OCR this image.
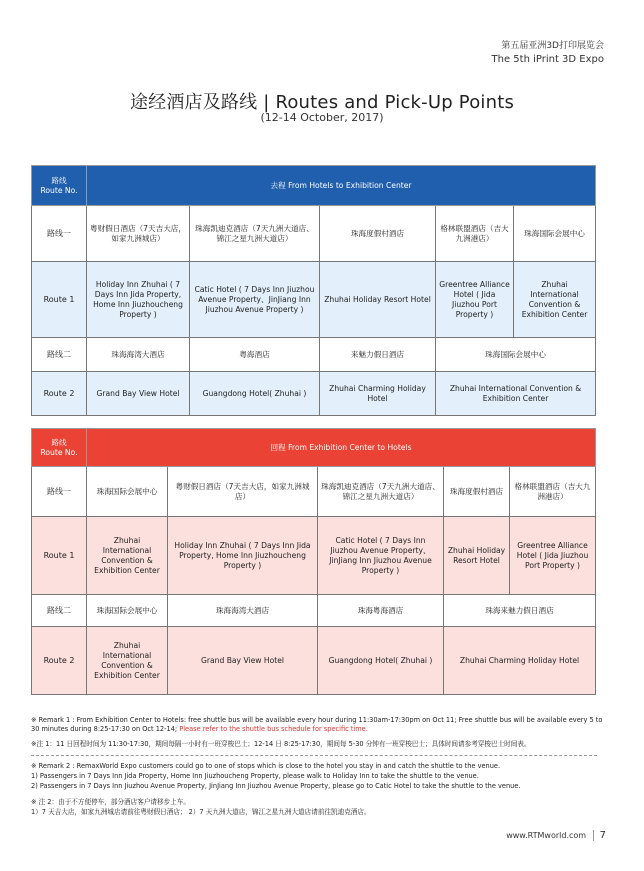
第五届亚洲3D打印展览会
The 5th iPrint 3D Expo
途经酒店及路线 | Routes and Pick-Up Points
(12-14 October, 2017)
路线
Route No.	去程 From Hotels to Exhibition Center				
路线一	粤财假日酒店（7天吉大店，如家九洲城店）	珠海凯迪克酒店（7天九洲大道店、锦江之星九洲大道店）	珠海度假村酒店	格林联盟酒店（吉大九洲港店）	珠海国际会展中心
Route 1	Holiday Inn Zhuhai ( 7 Days Inn Jida Property, Home Inn Jiuzhoucheng Property )	Catic Hotel ( 7 Days Inn Jiuzhou Avenue Property、JinJiang Inn Jiuzhou Avenue Property )	Zhuhai Holiday Resort Hotel	Greentree Alliance Hotel ( Jida Jiuzhou Port Property )	Zhuhai International Convention & Exhibition Center
路线二	珠海海湾大酒店	粤海酒店	来魅力假日酒店	珠海国际会展中心	
Route 2	Grand Bay View Hotel	Guangdong Hotel( Zhuhai )	Zhuhai Charming Holiday Hotel	Zhuhai International Convention & Exhibition Center	
路线
Route No.	回程 From Exhibition Center to Hotels				
路线一	珠海国际会展中心	粤财假日酒店（7天吉大店，如家九洲城店）	珠海凯迪克酒店（7天九洲大道店、锦江之星九洲大道店）	珠海度假村酒店	格林联盟酒店（吉大九洲港店）
Route 1	Zhuhai International Convention & Exhibition Center	Holiday Inn Zhuhai ( 7 Days Inn Jida Property, Home Inn Jiuzhoucheng Property )	Catic Hotel ( 7 Days Inn Jiuzhou Avenue Property、JinJiang Inn Jiuzhou Avenue Property )	Zhuhai Holiday Resort Hotel	Greentree Alliance Hotel ( Jida Jiuzhou Port Property )
路线二	珠海国际会展中心	珠海海湾大酒店	珠海粤海酒店	珠海来魅力假日酒店	
Route 2	Zhuhai International Convention & Exhibition Center	Grand Bay View Hotel	Guangdong Hotel( Zhuhai )	Zhuhai Charming Holiday Hotel	
※ Remark 1 : From Exhibition Center to Hotels: free shuttle bus will be available every hour during 11:30am-17:30pm on Oct 11; Free shuttle bus will be available every 5 to 30 minutes during 8:25-17:30 on Oct 12-14; Please refer to the shuttle bus schedule for specific time.
※注 1：11 日回程时间为 11:30-17:30，期间每隔一小时有一班穿梭巴士；12-14 日 8:25-17:30，期间每 5-30 分钟有一班穿梭巴士；具体时间请参考穿梭巴士时间表。
※ Remark 2 : RemaxWorld Expo customers could go to one of stops which is close to the hotel you stay in and catch the shuttle to the venue.
1) Passengers in 7 Days Inn Jida Property, Home Inn Jiuzhoucheng Property, please walk to Holiday Inn to take the shuttle to the venue.
2) Passengers in 7 Days Inn Jiuzhou Avenue Property, JinJiang Inn Jiuzhou Avenue Property, please go to Catic Hotel to take the shuttle to the venue.
※ 注 2：由于不方便停车，部分酒店客户请移步上车。
1）7 天吉大店，如家九洲城店请前往粤财假日酒店； 2）7 天九洲大道店，锦江之星九洲大道店请前往凯迪克酒店。
www.RTMworld.com 7
